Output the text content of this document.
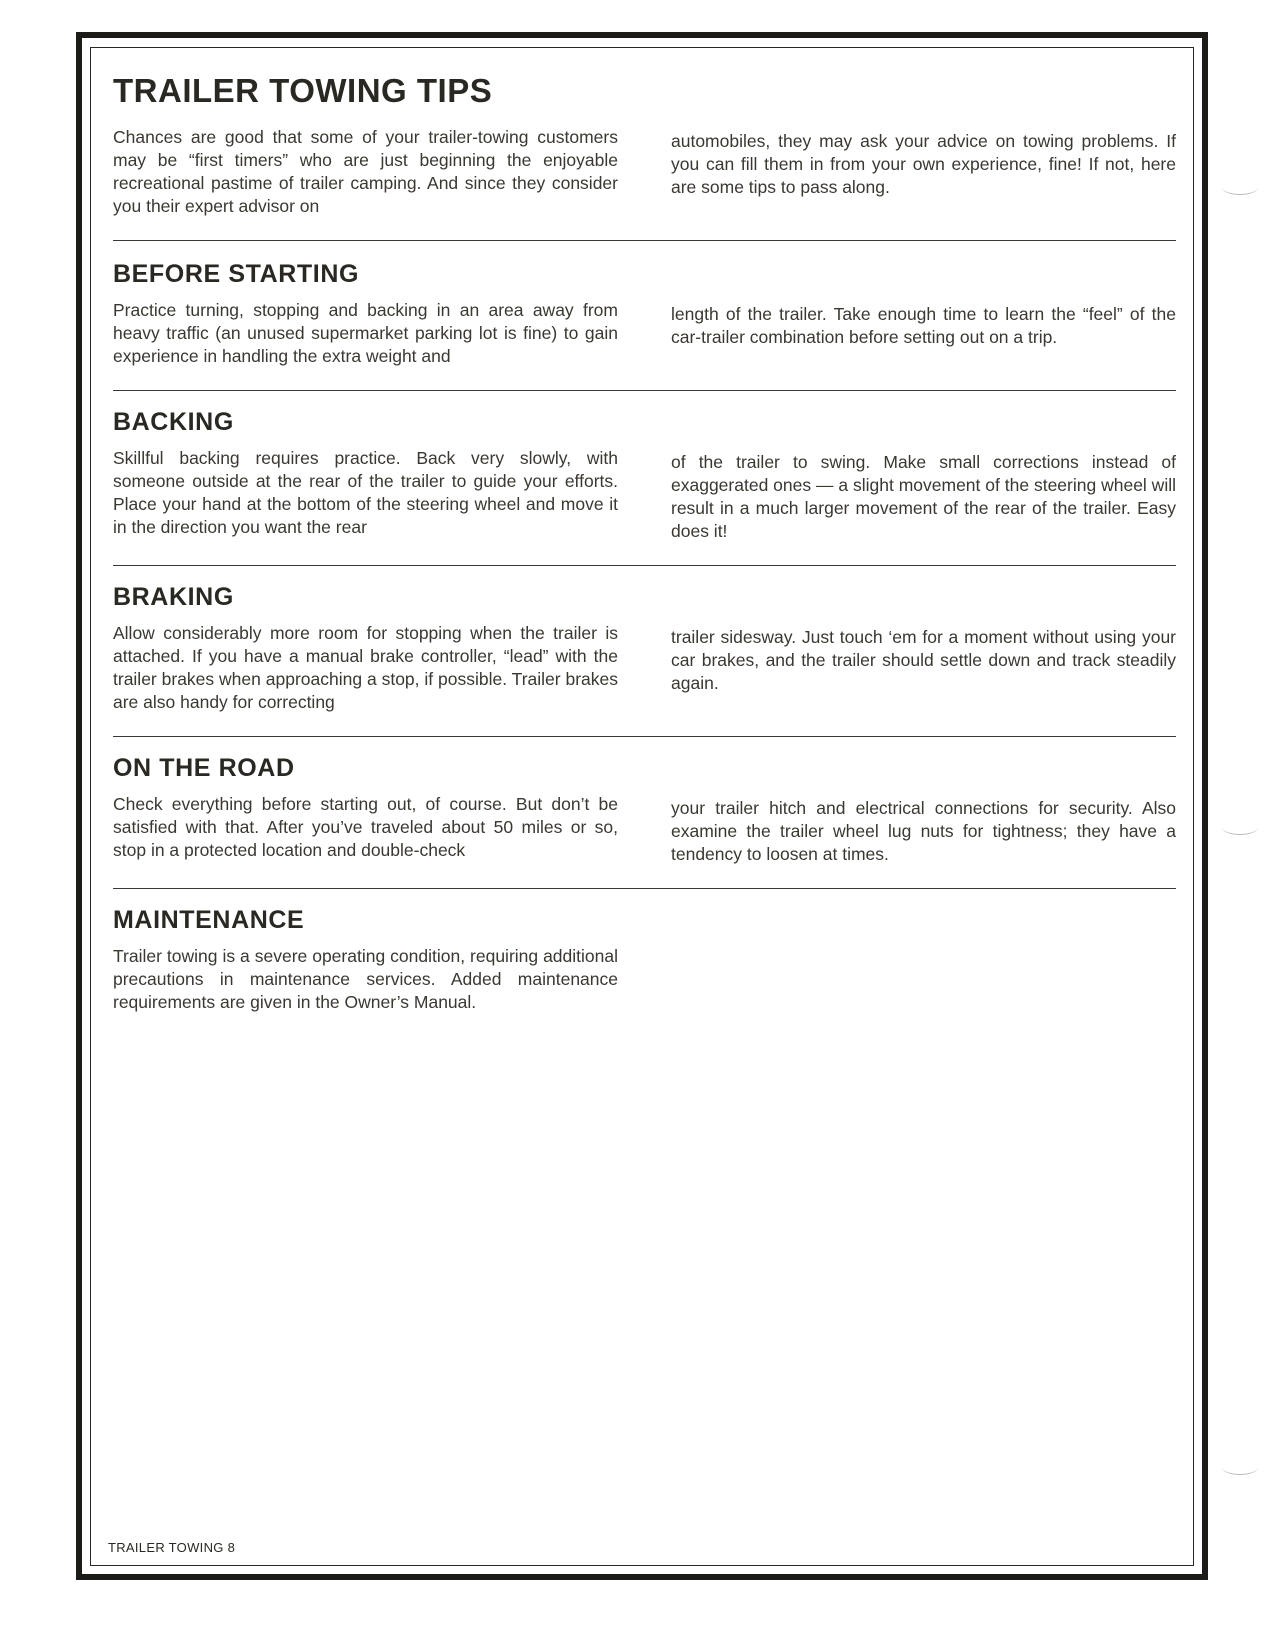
TRAILER TOWING TIPS
Chances are good that some of your trailer-towing customers may be “first timers” who are just beginning the enjoyable recreational pastime of trailer camping. And since they consider you their expert advisor on
automobiles, they may ask your advice on towing problems. If you can fill them in from your own experience, fine! If not, here are some tips to pass along.
BEFORE STARTING
Practice turning, stopping and backing in an area away from heavy traffic (an unused supermarket parking lot is fine) to gain experience in handling the extra weight and
length of the trailer. Take enough time to learn the “feel” of the car-trailer combination before setting out on a trip.
BACKING
Skillful backing requires practice. Back very slowly, with someone outside at the rear of the trailer to guide your efforts. Place your hand at the bottom of the steering wheel and move it in the direction you want the rear
of the trailer to swing. Make small corrections instead of exaggerated ones — a slight movement of the steering wheel will result in a much larger movement of the rear of the trailer. Easy does it!
BRAKING
Allow considerably more room for stopping when the trailer is attached. If you have a manual brake controller, “lead” with the trailer brakes when approaching a stop, if possible. Trailer brakes are also handy for correcting
trailer sidesway. Just touch ‘em for a moment without using your car brakes, and the trailer should settle down and track steadily again.
ON THE ROAD
Check everything before starting out, of course. But don’t be satisfied with that. After you’ve traveled about 50 miles or so, stop in a protected location and double-check
your trailer hitch and electrical connections for security. Also examine the trailer wheel lug nuts for tightness; they have a tendency to loosen at times.
MAINTENANCE
Trailer towing is a severe operating condition, requiring additional precautions in maintenance services. Added maintenance requirements are given in the Owner’s Manual.
TRAILER TOWING 8
